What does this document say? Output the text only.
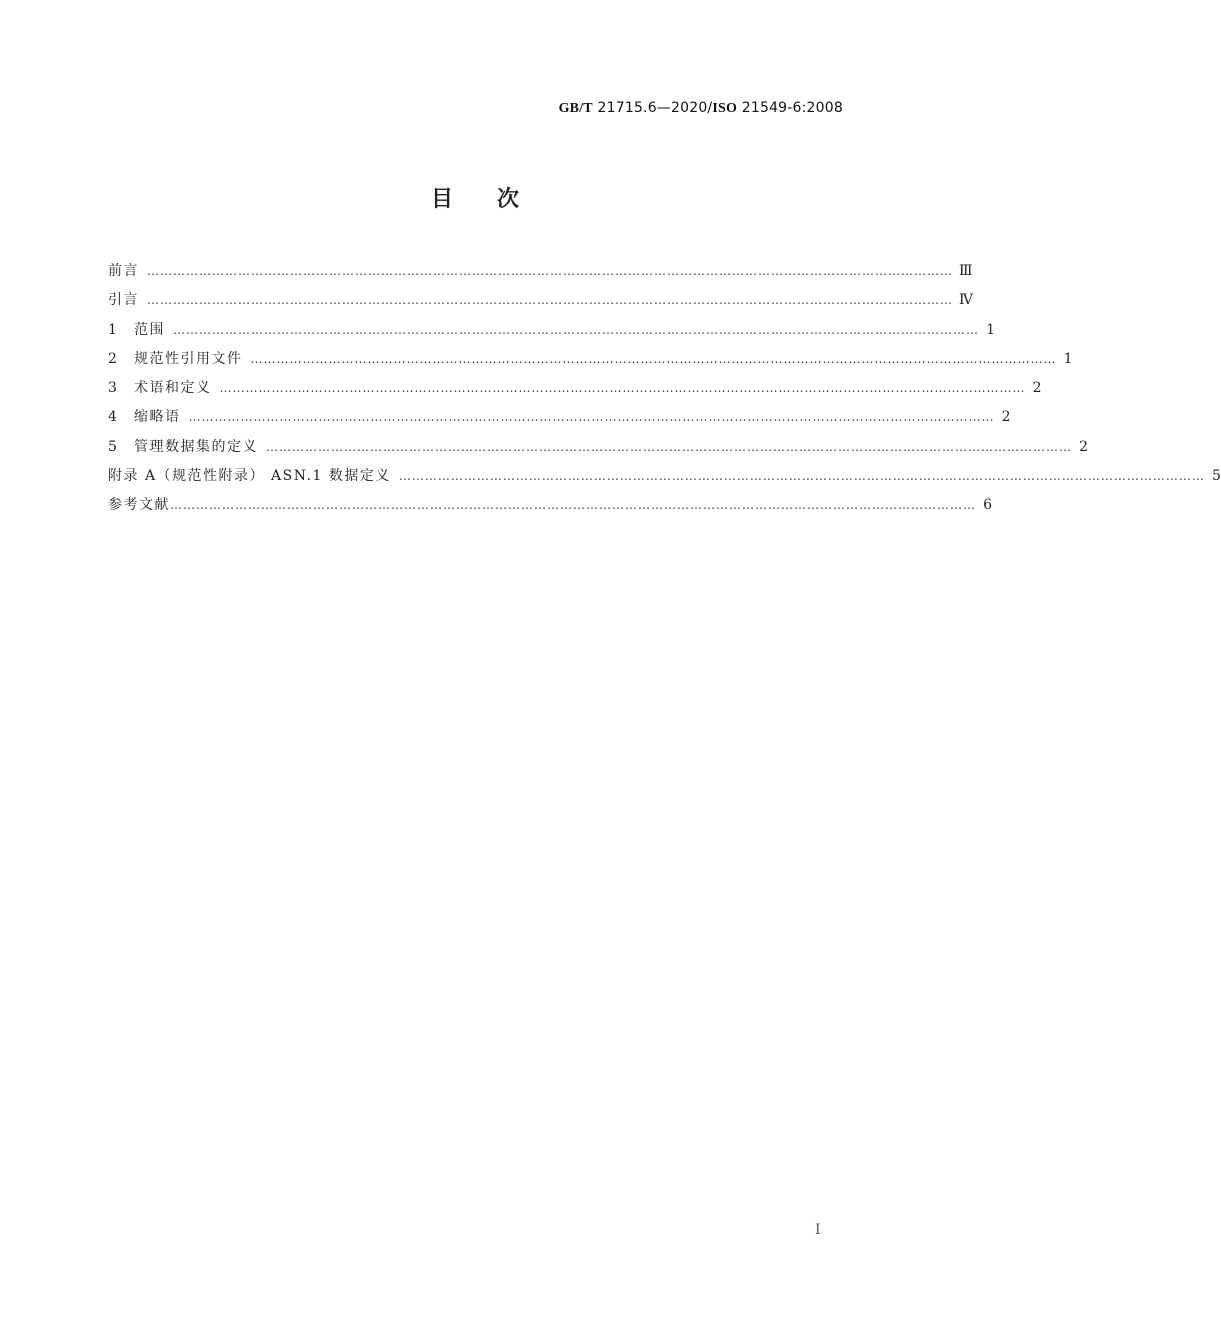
GB/T 21715.6—2020/ISO 21549-6:2008
目 次
前言 …………………………………………………………………………………………………………………………………………………………………… Ⅲ
引言 …………………………………………………………………………………………………………………………………………………………………… Ⅳ
1	范围 …………………………………………………………………………………………………………………………………………………………………… 1
2	规范性引用文件 …………………………………………………………………………………………………………………………………………………………………… 1
3	术语和定义 …………………………………………………………………………………………………………………………………………………………………… 2
4	缩略语 …………………………………………………………………………………………………………………………………………………………………… 2
5	管理数据集的定义 …………………………………………………………………………………………………………………………………………………………………… 2
附录 A（规范性附录） ASN.1 数据定义 …………………………………………………………………………………………………………………………………………………………………… 5
参考文献 …………………………………………………………………………………………………………………………………………………………………… 6
I
